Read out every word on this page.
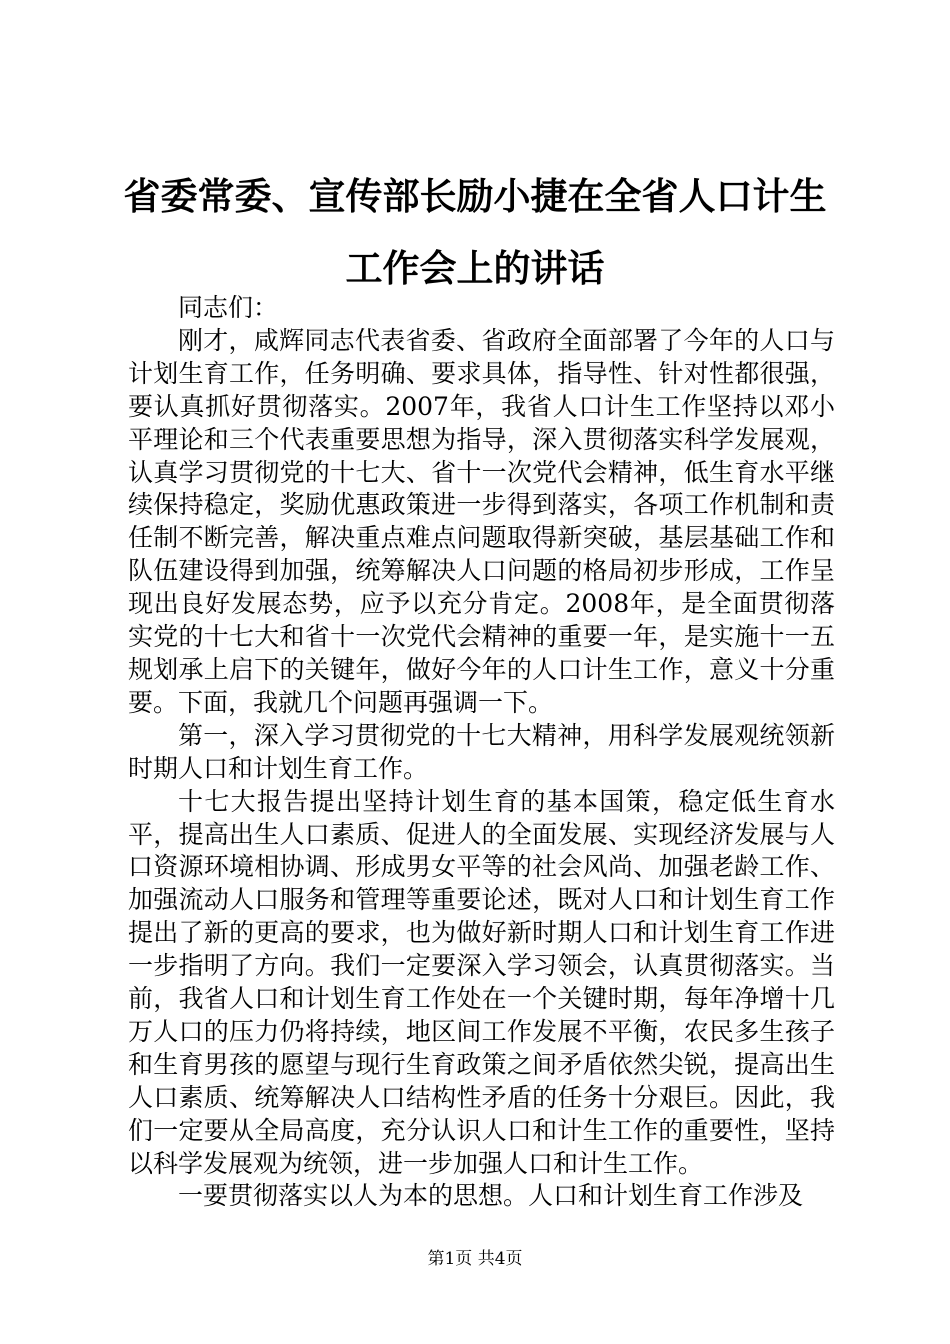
省委常委、宣传部长励小捷在全省人口计生工作会上的讲话

同志们：

刚才，咸辉同志代表省委、省政府全面部署了今年的人口与计划生育工作，任务明确、要求具体，指导性、针对性都很强，要认真抓好贯彻落实。2007年，我省人口计生工作坚持以邓小平理论和三个代表重要思想为指导，深入贯彻落实科学发展观，认真学习贯彻党的十七大、省十一次党代会精神，低生育水平继续保持稳定，奖励优惠政策进一步得到落实，各项工作机制和责任制不断完善，解决重点难点问题取得新突破，基层基础工作和队伍建设得到加强，统筹解决人口问题的格局初步形成，工作呈现出良好发展态势，应予以充分肯定。2008年，是全面贯彻落实党的十七大和省十一次党代会精神的重要一年，是实施十一五规划承上启下的关键年，做好今年的人口计生工作，意义十分重要。下面，我就几个问题再强调一下。

第一，深入学习贯彻党的十七大精神，用科学发展观统领新时期人口和计划生育工作。

十七大报告提出坚持计划生育的基本国策，稳定低生育水平，提高出生人口素质、促进人的全面发展、实现经济发展与人口资源环境相协调、形成男女平等的社会风尚、加强老龄工作、加强流动人口服务和管理等重要论述，既对人口和计划生育工作提出了新的更高的要求，也为做好新时期人口和计划生育工作进一步指明了方向。我们一定要深入学习领会，认真贯彻落实。当前，我省人口和计划生育工作处在一个关键时期，每年净增十几万人口的压力仍将持续，地区间工作发展不平衡，农民多生孩子和生育男孩的愿望与现行生育政策之间矛盾依然尖锐，提高出生人口素质、统筹解决人口结构性矛盾的任务十分艰巨。因此，我们一定要从全局高度，充分认识人口和计生工作的重要性，坚持以科学发展观为统领，进一步加强人口和计生工作。

一要贯彻落实以人为本的思想。人口和计划生育工作涉及

第1页 共4页
